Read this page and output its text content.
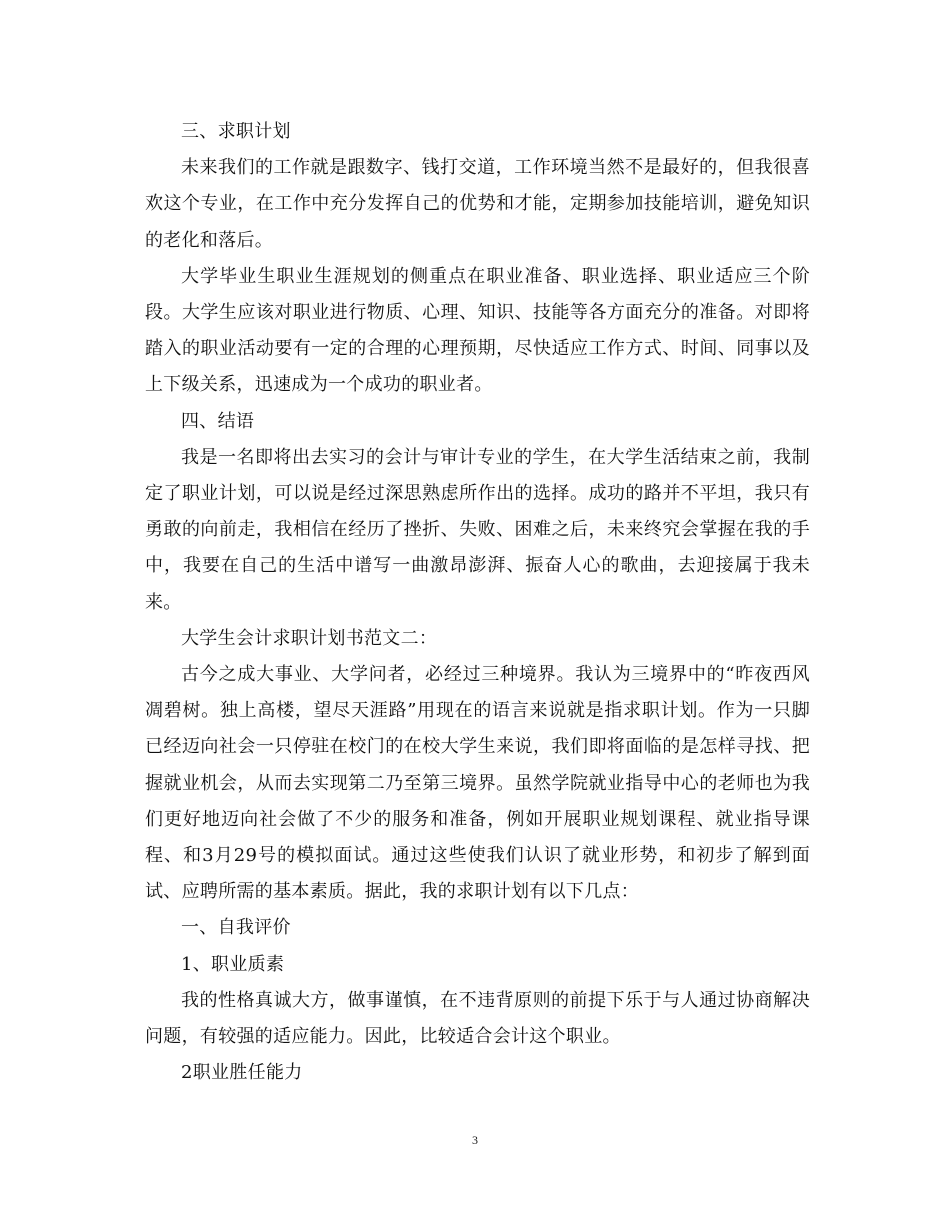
三、求职计划

未来我们的工作就是跟数字、钱打交道，工作环境当然不是最好的，但我很喜欢这个专业，在工作中充分发挥自己的优势和才能，定期参加技能培训，避免知识的老化和落后。

大学毕业生职业生涯规划的侧重点在职业准备、职业选择、职业适应三个阶段。大学生应该对职业进行物质、心理、知识、技能等各方面充分的准备。对即将踏入的职业活动要有一定的合理的心理预期，尽快适应工作方式、时间、同事以及上下级关系，迅速成为一个成功的职业者。

四、结语

我是一名即将出去实习的会计与审计专业的学生，在大学生活结束之前，我制定了职业计划，可以说是经过深思熟虑所作出的选择。成功的路并不平坦，我只有勇敢的向前走，我相信在经历了挫折、失败、困难之后，未来终究会掌握在我的手中，我要在自己的生活中谱写一曲激昂澎湃、振奋人心的歌曲，去迎接属于我未来。

大学生会计求职计划书范文二：

古今之成大事业、大学问者，必经过三种境界。我认为三境界中的“昨夜西风凋碧树。独上高楼，望尽天涯路”用现在的语言来说就是指求职计划。作为一只脚已经迈向社会一只停驻在校门的在校大学生来说，我们即将面临的是怎样寻找、把握就业机会，从而去实现第二乃至第三境界。虽然学院就业指导中心的老师也为我们更好地迈向社会做了不少的服务和准备，例如开展职业规划课程、就业指导课程、和3月29号的模拟面试。通过这些使我们认识了就业形势，和初步了解到面试、应聘所需的基本素质。据此，我的求职计划有以下几点：

一、自我评价

1、职业质素

我的性格真诚大方，做事谨慎，在不违背原则的前提下乐于与人通过协商解决问题，有较强的适应能力。因此，比较适合会计这个职业。

2职业胜任能力

3
